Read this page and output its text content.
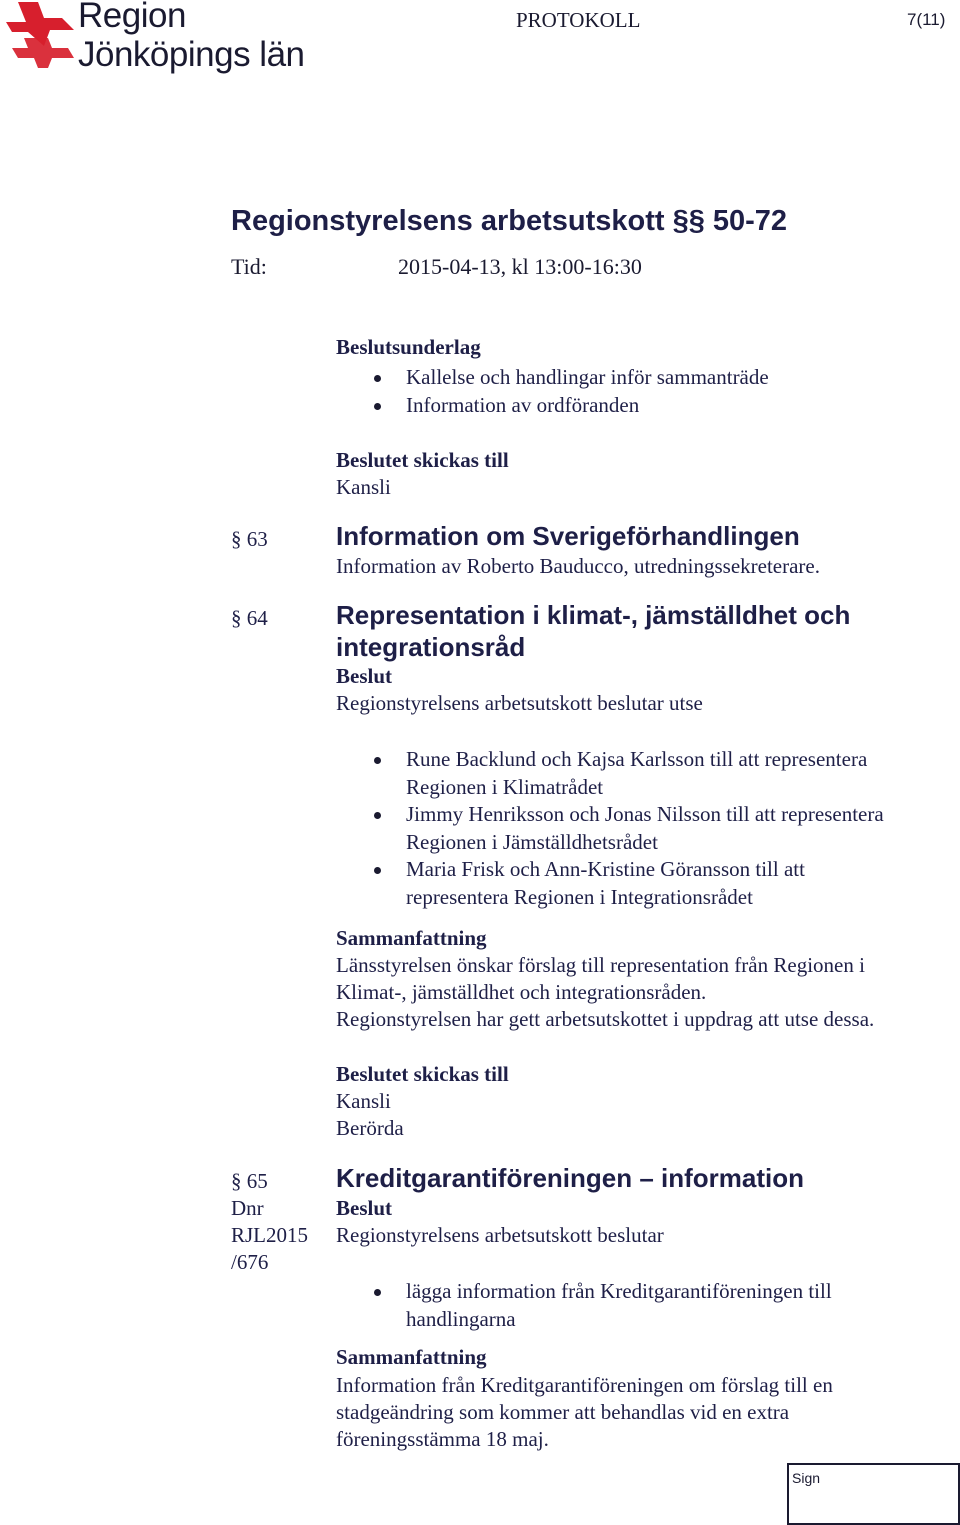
Region
Jönköpings län
PROTOKOLL	7(11)
Regionstyrelsens arbetsutskott §§ 50-72
Tid:	2015-04-13, kl 13:00-16:30
Beslutsunderlag
Kallelse och handlingar inför sammanträde
Information av ordföranden
Beslutet skickas till
Kansli
§ 63	Information om Sverigeförhandlingen
Information av Roberto Bauducco, utredningssekreterare.
§ 64	Representation i klimat-, jämställdhet och
integrationsråd
Beslut
Regionstyrelsens arbetsutskott beslutar utse
Rune Backlund och Kajsa Karlsson till att representera
Regionen i Klimatrådet
Jimmy Henriksson och Jonas Nilsson till att representera
Regionen i Jämställdhetsrådet
Maria Frisk och Ann-Kristine Göransson till att
representera Regionen i Integrationsrådet
Sammanfattning
Länsstyrelsen önskar förslag till representation från Regionen i
Klimat-, jämställdhet och integrationsråden.
Regionstyrelsen har gett arbetsutskottet i uppdrag att utse dessa.
Beslutet skickas till
Kansli
Berörda
§ 65
Dnr
RJL2015
/676
Kreditgarantiföreningen – information
Beslut
Regionstyrelsens arbetsutskott beslutar
lägga information från Kreditgarantiföreningen till
handlingarna
Sammanfattning
Information från Kreditgarantiföreningen om förslag till en
stadgeändring som kommer att behandlas vid en extra
föreningsstämma 18 maj.
Sign
